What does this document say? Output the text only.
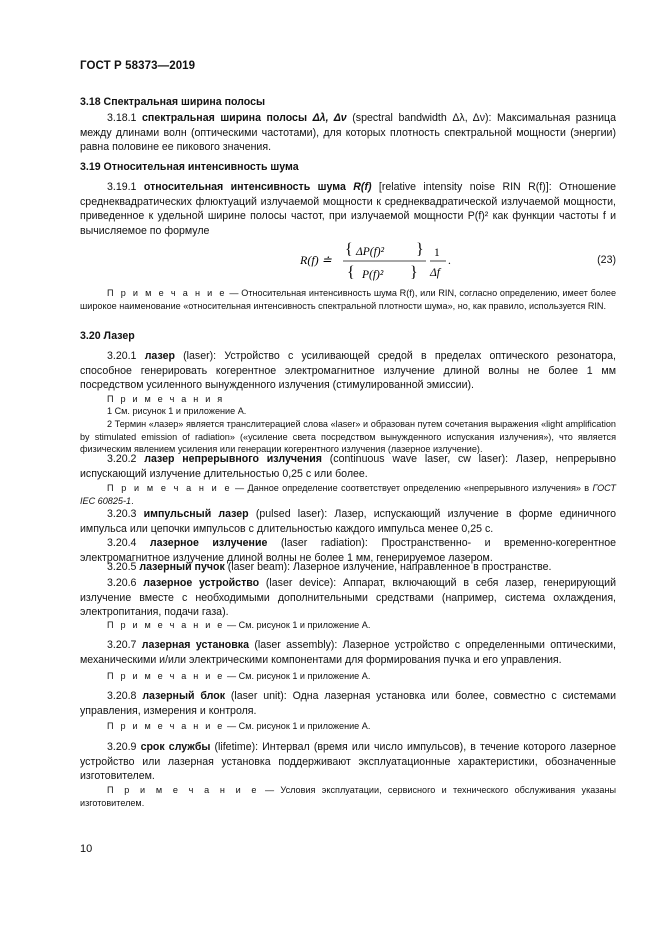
ГОСТ Р 58373—2019
3.18 Спектральная ширина полосы
3.18.1 спектральная ширина полосы Δλ, Δν (spectral bandwidth Δλ, Δν): Максимальная разница между длинами волн (оптическими частотами), для которых плотность спектральной мощности (энергии) равна половине ее пикового значения.
3.19 Относительная интенсивность шума
3.19.1 относительная интенсивность шума R(f) [relative intensity noise RIN R(f)]: Отношение среднеквадратических флюктуаций излучаемой мощности к среднеквадратической излучаемой мощности, приведенное к удельной ширине полосы частот, при излучаемой мощности P(f)² как функции частоты f и вычисляемое по формуле
R(f) ≐
{ ΔP(f)² }
{ P(f)² }
1
Δf
.	(23)
П р и м е ч а н и е — Относительная интенсивность шума R(f), или RIN, согласно определению, имеет более широкое наименование «относительная интенсивность спектральной плотности шума», но, как правило, используется RIN.
3.20 Лазер
3.20.1 лазер (laser): Устройство с усиливающей средой в пределах оптического резонатора, способное генерировать когерентное электромагнитное излучение длиной волны не более 1 мм посредством усиленного вынужденного излучения (стимулированной эмиссии).
П р и м е ч а н и я
1 См. рисунок 1 и приложение А.
2 Термин «лазер» является транслитерацией слова «laser» и образован путем сочетания выражения «light amplification by stimulated emission of radiation» («усиление света посредством вынужденного испускания излучения»), что является физическим явлением усиления или генерации когерентного излучения (лазерное излучение).
3.20.2 лазер непрерывного излучения (continuous wave laser, cw laser): Лазер, непрерывно испускающий излучение длительностью 0,25 с или более.
П р и м е ч а н и е — Данное определение соответствует определению «непрерывного излучения» в ГОСТ IEC 60825-1.
3.20.3 импульсный лазер (pulsed laser): Лазер, испускающий излучение в форме единичного импульса или цепочки импульсов с длительностью каждого импульса менее 0,25 с.
3.20.4 лазерное излучение (laser radiation): Пространственно- и временно-когерентное электромагнитное излучение длиной волны не более 1 мм, генерируемое лазером.
3.20.5 лазерный пучок (laser beam): Лазерное излучение, направленное в пространстве.
3.20.6 лазерное устройство (laser device): Аппарат, включающий в себя лазер, генерирующий излучение вместе с необходимыми дополнительными средствами (например, система охлаждения, электропитания, подачи газа).
П р и м е ч а н и е — См. рисунок 1 и приложение А.
3.20.7 лазерная установка (laser assembly): Лазерное устройство с определенными оптическими, механическими и/или электрическими компонентами для формирования пучка и его управления.
П р и м е ч а н и е — См. рисунок 1 и приложение А.
3.20.8 лазерный блок (laser unit): Одна лазерная установка или более, совместно с системами управления, измерения и контроля.
П р и м е ч а н и е — См. рисунок 1 и приложение А.
3.20.9 срок службы (lifetime): Интервал (время или число импульсов), в течение которого лазерное устройство или лазерная установка поддерживают эксплуатационные характеристики, обозначенные изготовителем.
П р и м е ч а н и е — Условия эксплуатации, сервисного и технического обслуживания указаны изготовителем.
10
